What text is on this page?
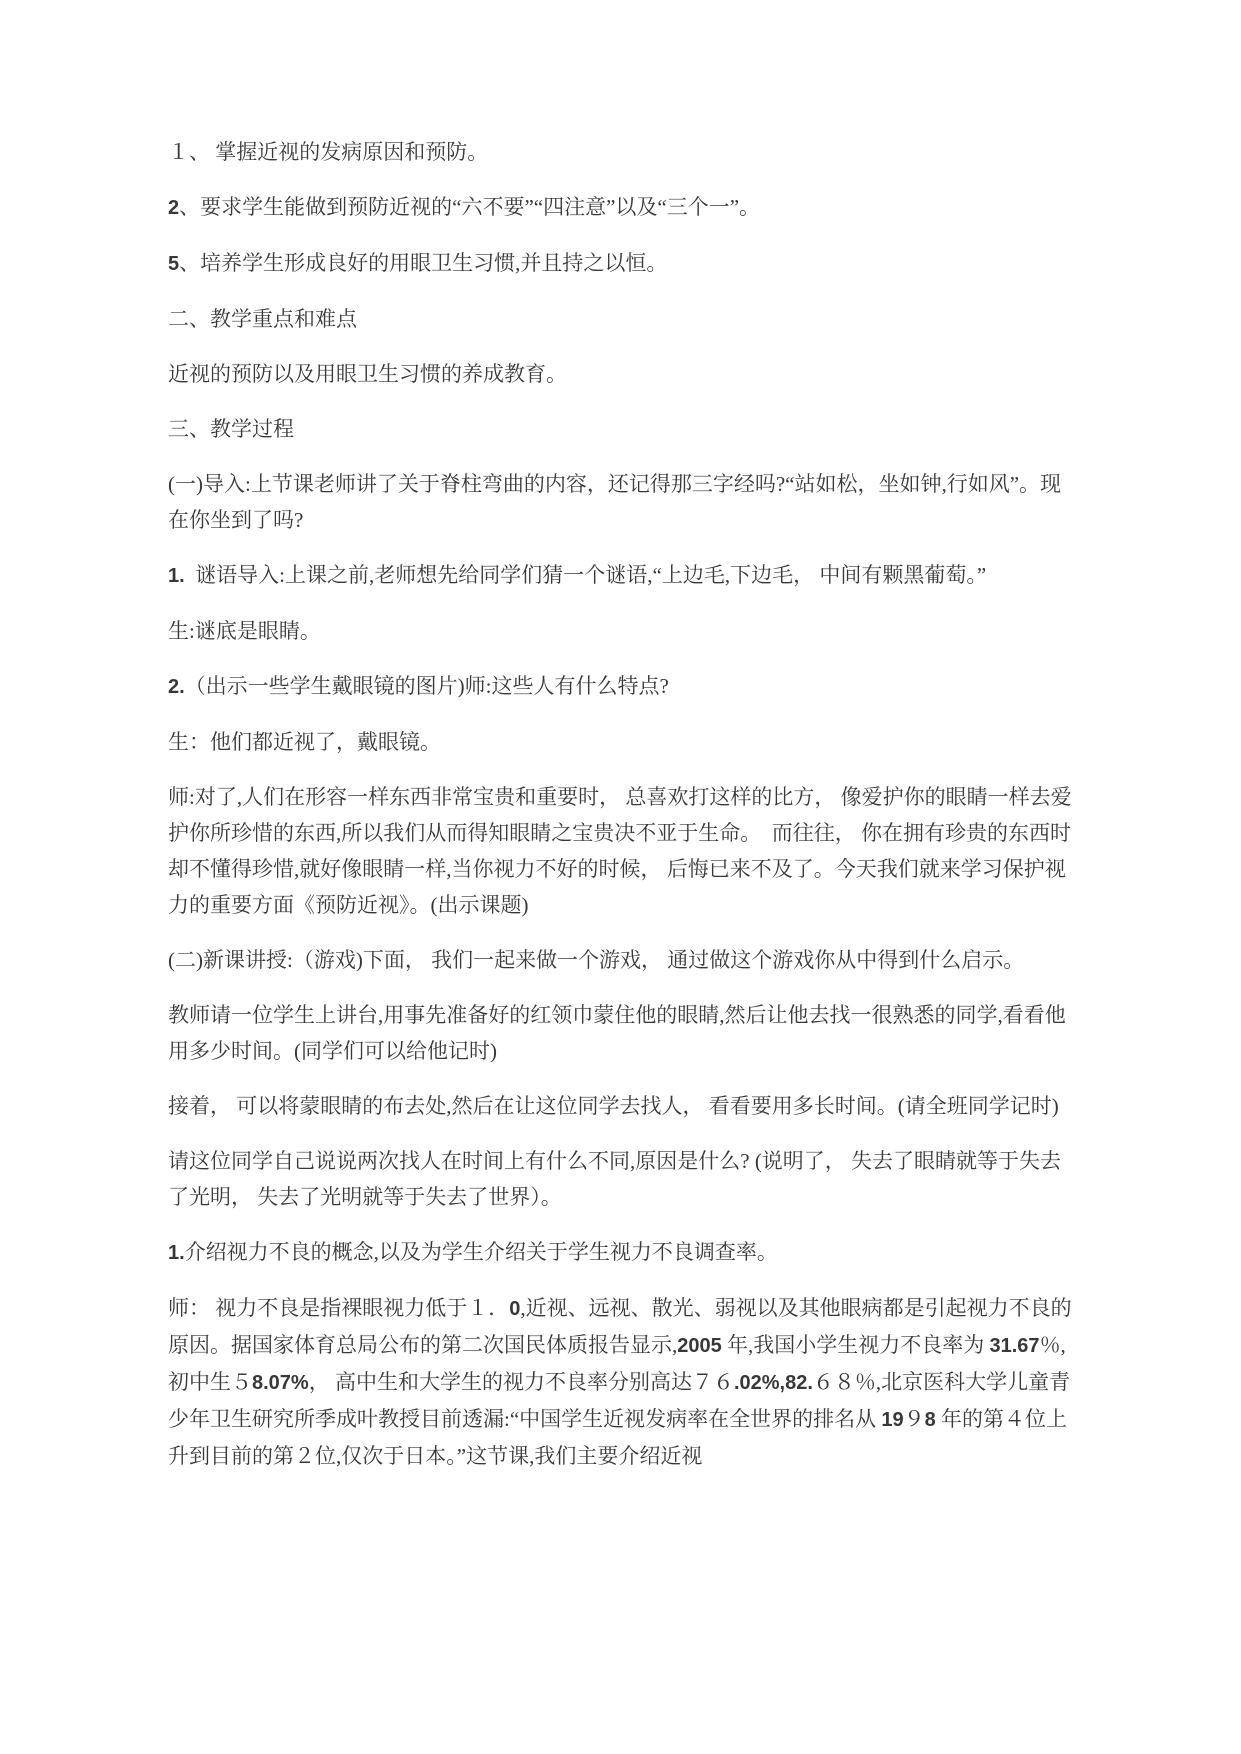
１、 掌握近视的发病原因和预防。

2、要求学生能做到预防近视的“六不要”“四注意”以及“三个一”。

5、培养学生形成良好的用眼卫生习惯,并且持之以恒。

二、教学重点和难点

近视的预防以及用眼卫生习惯的养成教育。

三、教学过程

(一)导入:上节课老师讲了关于脊柱弯曲的内容，还记得那三字经吗?“站如松，坐如钟,行如风”。现在你坐到了吗?

1.  谜语导入:上课之前,老师想先给同学们猜一个谜语,“上边毛,下边毛， 中间有颗黑葡萄。”

生:谜底是眼睛。

2.（出示一些学生戴眼镜的图片)师:这些人有什么特点?

生：他们都近视了，戴眼镜。

师:对了,人们在形容一样东西非常宝贵和重要时， 总喜欢打这样的比方， 像爱护你的眼睛一样去爱护你所珍惜的东西,所以我们从而得知眼睛之宝贵决不亚于生命。  而往往， 你在拥有珍贵的东西时却不懂得珍惜,就好像眼睛一样,当你视力不好的时候， 后悔已来不及了。今天我们就来学习保护视力的重要方面《预防近视》。(出示课题)

(二)新课讲授:（游戏)下面， 我们一起来做一个游戏， 通过做这个游戏你从中得到什么启示。

教师请一位学生上讲台,用事先准备好的红领巾蒙住他的眼睛,然后让他去找一很熟悉的同学,看看他用多少时间。(同学们可以给他记时)

接着， 可以将蒙眼睛的布去处,然后在让这位同学去找人， 看看要用多长时间。(请全班同学记时)

请这位同学自己说说两次找人在时间上有什么不同,原因是什么? (说明了， 失去了眼睛就等于失去了光明， 失去了光明就等于失去了世界）。

1.介绍视力不良的概念,以及为学生介绍关于学生视力不良调查率。

师： 视力不良是指裸眼视力低于１．0,近视、远视、散光、弱视以及其他眼病都是引起视力不良的原因。据国家体育总局公布的第二次国民体质报告显示,2005 年,我国小学生视力不良率为 31.67％,初中生５8.07%， 高中生和大学生的视力不良率分别高达７６.02%,82.６８％,北京医科大学儿童青少年卫生研究所季成叶教授目前透漏:“中国学生近视发病率在全世界的排名从 19９8 年的第４位上升到目前的第２位,仅次于日本。”这节课,我们主要介绍近视
